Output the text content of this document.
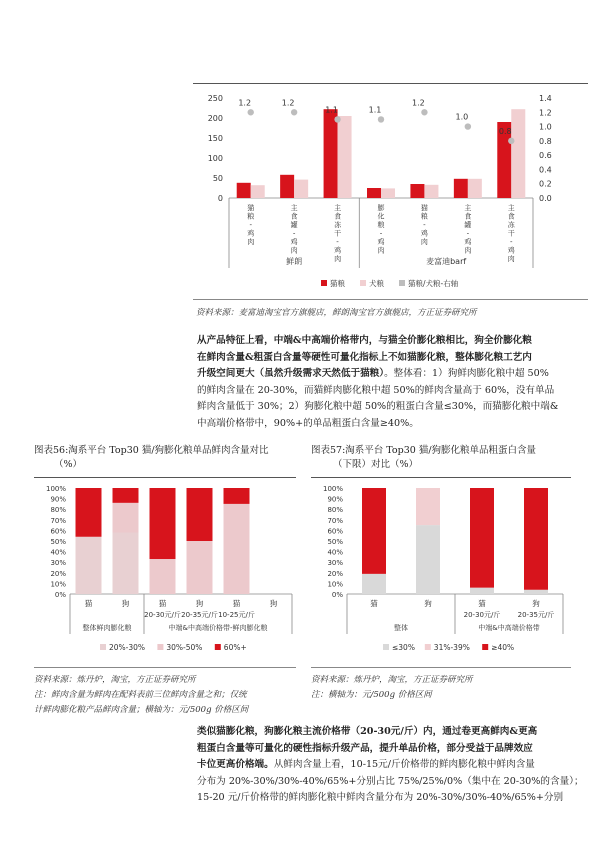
0
50
100
150
200
250
0.0
0.2
0.4
0.6
0.8
1.0
1.2
1.4
1.2	1.2
1.1	1.1
1.2
1.0
0.8
猫
粮
-
鸡
肉
主
食
罐
-
鸡
肉
主
食
冻
干
-
鸡
肉
膨
化
粮
-
鸡
肉
猫
粮
-
鸡
肉
主
食
罐
-
鸡
肉
主
食
冻
干
-
鸡
肉
鲜朗	麦富迪barf
猫粮	犬粮	猫粮/犬粮-右轴
资料来源：麦富迪淘宝官方旗舰店，鲜朗淘宝官方旗舰店，方正证券研究所
从产品特征上看，中端&中高端价格带内，与猫全价膨化粮相比，狗全价膨化粮
在鲜肉含量&粗蛋白含量等硬性可量化指标上不如猫膨化粮，整体膨化粮工艺内
升级空间更大（虽然升级需求天然低于猫粮）。整体看：1）狗鲜肉膨化粮中超 50%
的鲜肉含量在 20-30%，而猫鲜肉膨化粮中超 50%的鲜肉含量高于 60%，没有单品
鲜肉含量低于 30%；2）狗膨化粮中超 50%的粗蛋白含量≤30%，而猫膨化粮中端&
中高端价格带中，90%+的单品粗蛋白含量≥40%。
图表56:淘系平台 Top30 猫/狗膨化粮单品鲜肉含量对比
（%）
0%
10%
20%
30%
40%
50%
60%
70%
80%
90%
100%
猫	狗	猫
20-30元/斤
狗
20-35元/斤
猫
10-25元/斤
狗
整体鲜肉膨化粮	中端&中高端价格带-鲜肉膨化粮
20%-30%	30%-50%	60%+
资料来源：炼丹炉，淘宝，方正证券研究所
注：鲜肉含量为鲜肉在配料表前三位鲜肉含量之和；仅统
计鲜肉膨化粮产品鲜肉含量；横轴为：元/500g 价格区间
图表57:淘系平台 Top30 猫/狗膨化粮单品粗蛋白含量
（下限）对比（%）
0%
10%
20%
30%
40%
50%
60%
70%
80%
90%
100%
猫	狗	猫
20-30元/斤
狗
20-35元/斤
整体	中端&中高端价格带
≤30%	31%-39%	≥40%
资料来源：炼丹炉，淘宝，方正证券研究所
注：横轴为：元/500g 价格区间
类似猫膨化粮，狗膨化粮主流价格带（20-30元/斤）内，通过卷更高鲜肉&更高
粗蛋白含量等可量化的硬性指标升级产品，提升单品价格，部分受益于品牌效应
卡位更高价格端。从鲜肉含量上看，10-15元/斤价格带的鲜肉膨化粮中鲜肉含量
分布为 20%-30%/30%-40%/65%+分别占比 75%/25%/0%（集中在 20-30%的含量）；
15-20 元/斤价格带的鲜肉膨化粮中鲜肉含量分布为 20%-30%/30%-40%/65%+分别
